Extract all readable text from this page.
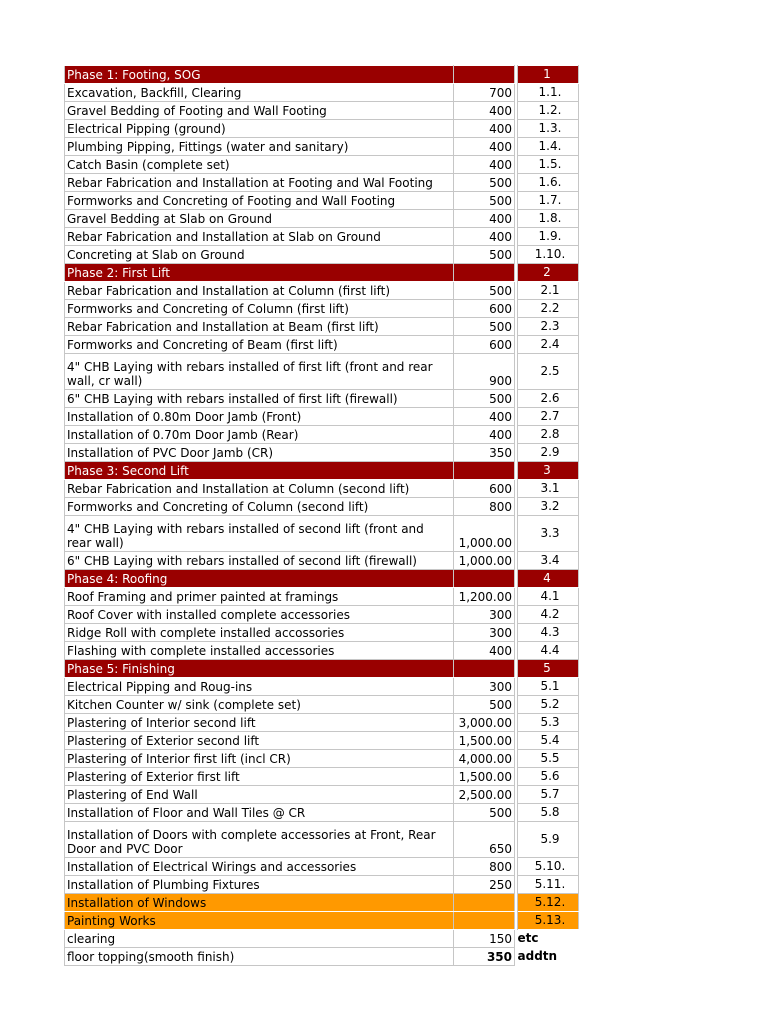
Phase 1: Footing, SOG			1
Excavation, Backfill, Clearing	700		1.1.
Gravel Bedding of Footing and Wall Footing	400		1.2.
Electrical Pipping (ground)	400		1.3.
Plumbing Pipping, Fittings (water and sanitary)	400		1.4.
Catch Basin (complete set)	400		1.5.
Rebar Fabrication and Installation at Footing and Wal Footing	500		1.6.
Formworks and Concreting of Footing and Wall Footing	500		1.7.
Gravel Bedding at Slab on Ground	400		1.8.
Rebar Fabrication and Installation at Slab on Ground	400		1.9.
Concreting at Slab on Ground	500		1.10.
Phase 2: First Lift			2
Rebar Fabrication and Installation at Column (first lift)	500		2.1
Formworks and Concreting of Column (first lift)	600		2.2
Rebar Fabrication and Installation at Beam (first lift)	500		2.3
Formworks and Concreting of Beam (first lift)	600		2.4
4" CHB Laying with rebars installed of first lift (front and rear wall, cr wall)	900		2.5
6" CHB Laying with rebars installed of first lift (firewall)	500		2.6
Installation of 0.80m Door Jamb (Front)	400		2.7
Installation of 0.70m Door Jamb (Rear)	400		2.8
Installation of PVC Door Jamb (CR)	350		2.9
Phase 3: Second Lift			3
Rebar Fabrication and Installation at Column (second lift)	600		3.1
Formworks and Concreting of Column (second lift)	800		3.2
4" CHB Laying with rebars installed of second lift (front and rear wall)	1,000.00		3.3
6" CHB Laying with rebars installed of second lift (firewall)	1,000.00		3.4
Phase 4: Roofing			4
Roof Framing and primer painted at framings	1,200.00		4.1
Roof Cover with installed complete accessories	300		4.2
Ridge Roll with complete installed accossories	300		4.3
Flashing with complete installed accessories	400		4.4
Phase 5: Finishing			5
Electrical Pipping and Roug-ins	300		5.1
Kitchen Counter w/ sink (complete set)	500		5.2
Plastering of Interior second lift	3,000.00		5.3
Plastering of Exterior second lift	1,500.00		5.4
Plastering of Interior first lift (incl CR)	4,000.00		5.5
Plastering of Exterior first lift	1,500.00		5.6
Plastering of End Wall	2,500.00		5.7
Installation of Floor and Wall Tiles @ CR	500		5.8
Installation of Doors with complete accessories at Front, Rear Door and PVC Door	650		5.9
Installation of Electrical Wirings and accessories	800		5.10.
Installation of Plumbing Fixtures	250		5.11.
Installation of Windows			5.12.
Painting Works			5.13.
clearing	150		etc
floor topping(smooth finish)	350		addtn
